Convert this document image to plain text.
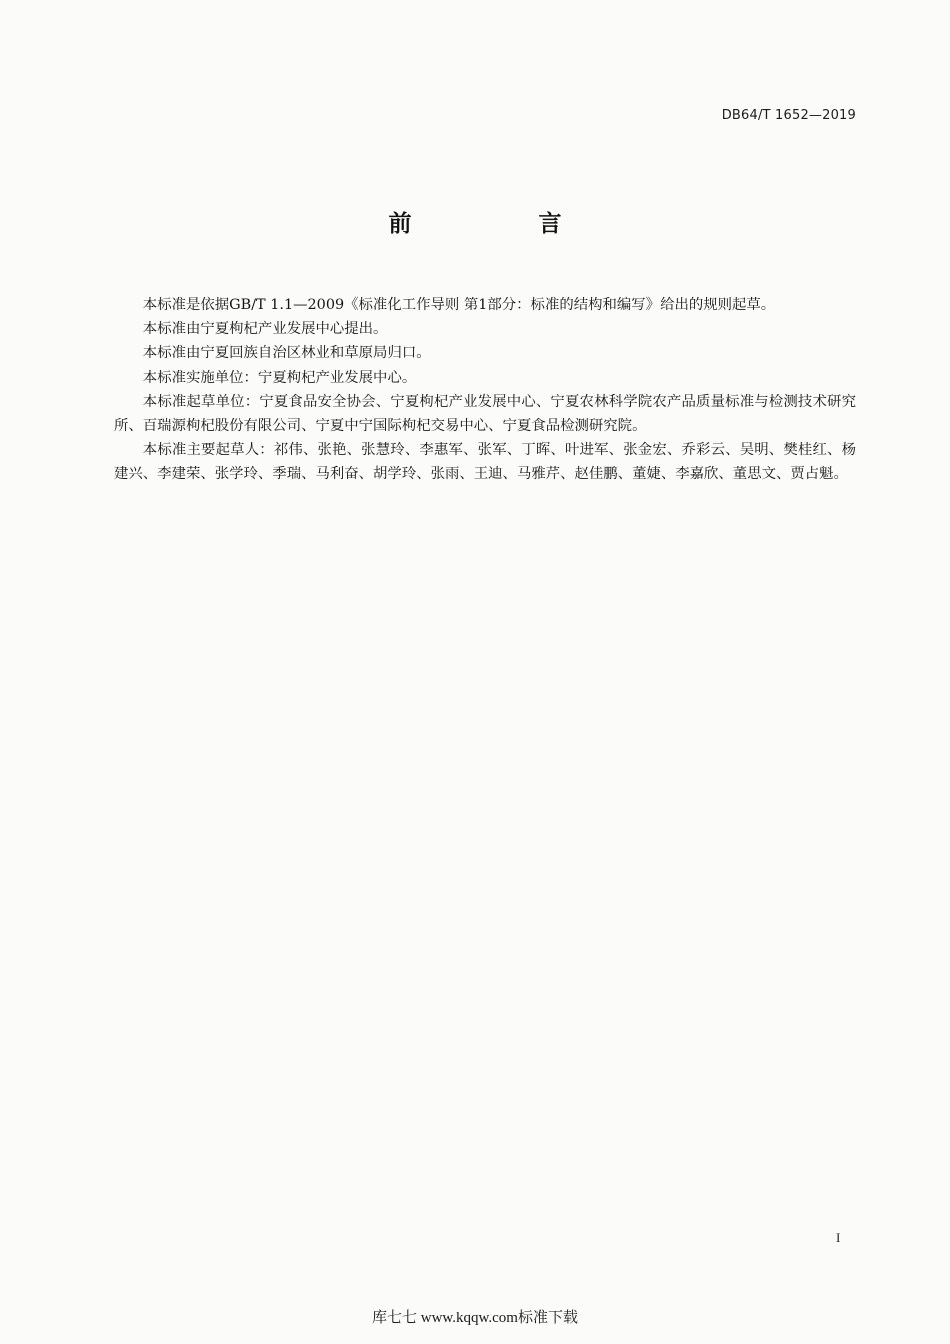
DB64/T 1652—2019
前　言

本标准是依据GB/T 1.1—2009《标准化工作导则 第1部分：标准的结构和编写》给出的规则起草。

本标准由宁夏枸杞产业发展中心提出。

本标准由宁夏回族自治区林业和草原局归口。

本标准实施单位：宁夏枸杞产业发展中心。

本标准起草单位：宁夏食品安全协会、宁夏枸杞产业发展中心、宁夏农林科学院农产品质量标准与检测技术研究所、百瑞源枸杞股份有限公司、宁夏中宁国际枸杞交易中心、宁夏食品检测研究院。

本标准主要起草人：祁伟、张艳、张慧玲、李惠军、张军、丁晖、叶进军、张金宏、乔彩云、吴明、樊桂红、杨建兴、李建荣、张学玲、季瑞、马利奋、胡学玲、张雨、王迪、马雅芹、赵佳鹏、董婕、李嘉欣、董思文、贾占魁。

I
库七七 www.kqqw.com标准下载
